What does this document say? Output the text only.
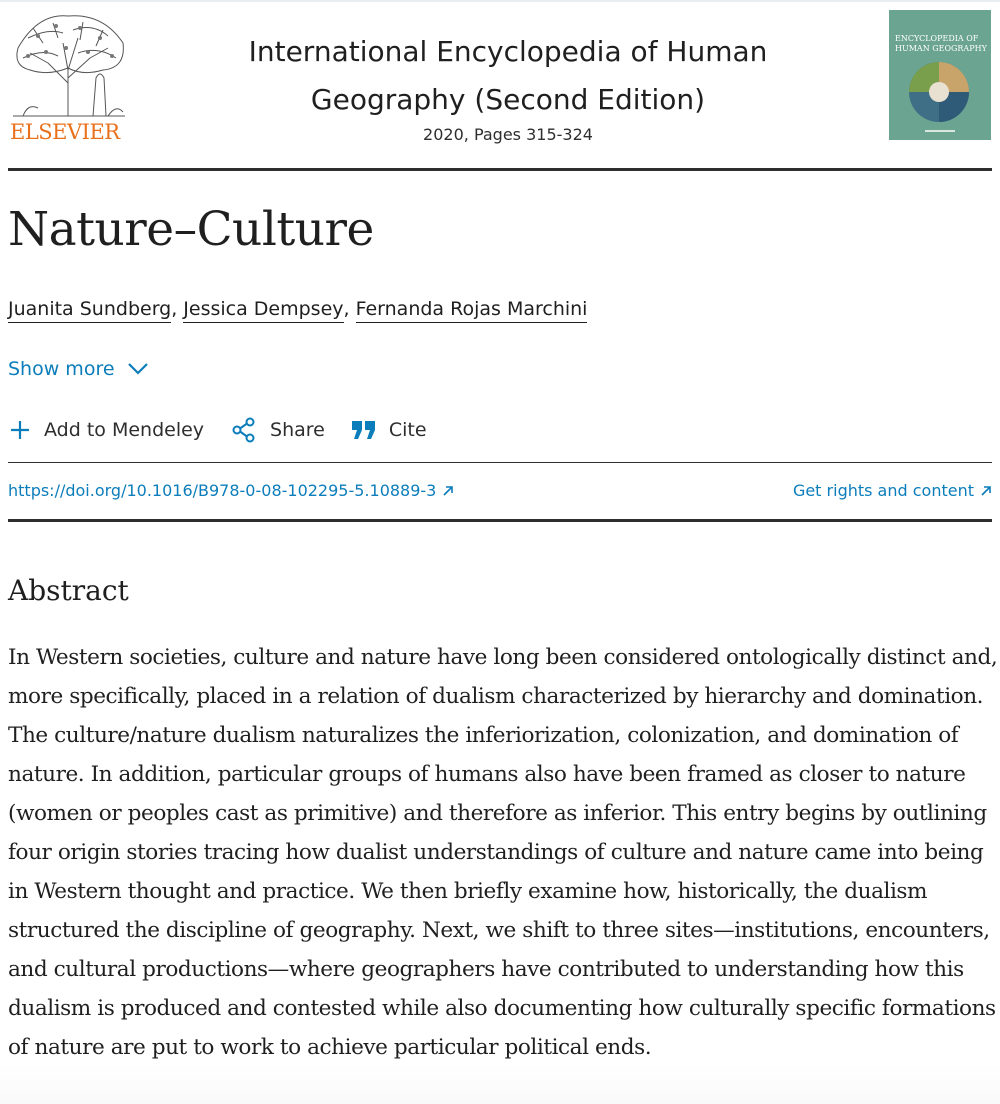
ELSEVIER
International Encyclopedia of Human Geography (Second Edition)
2020, Pages 315-324
ENCYCLOPEDIA OF
HUMAN GEOGRAPHY
Nature–Culture
Juanita Sundberg, Jessica Dempsey, Fernanda Rojas Marchini
Show more
Add to Mendeley	Share	Cite
https://doi.org/10.1016/B978-0-08-102295-5.10889-3	Get rights and content
Abstract

In Western societies, culture and nature have long been considered ontologically distinct and, more specifically, placed in a relation of dualism characterized by hierarchy and domination. The culture/nature dualism naturalizes the inferiorization, colonization, and domination of nature. In addition, particular groups of humans also have been framed as closer to nature (women or peoples cast as primitive) and therefore as inferior. This entry begins by outlining four origin stories tracing how dualist understandings of culture and nature came into being in Western thought and practice. We then briefly examine how, historically, the dualism structured the discipline of geography. Next, we shift to three sites—institutions, encounters, and cultural productions—where geographers have contributed to understanding how this dualism is produced and contested while also documenting how culturally specific formations of nature are put to work to achieve particular political ends.
